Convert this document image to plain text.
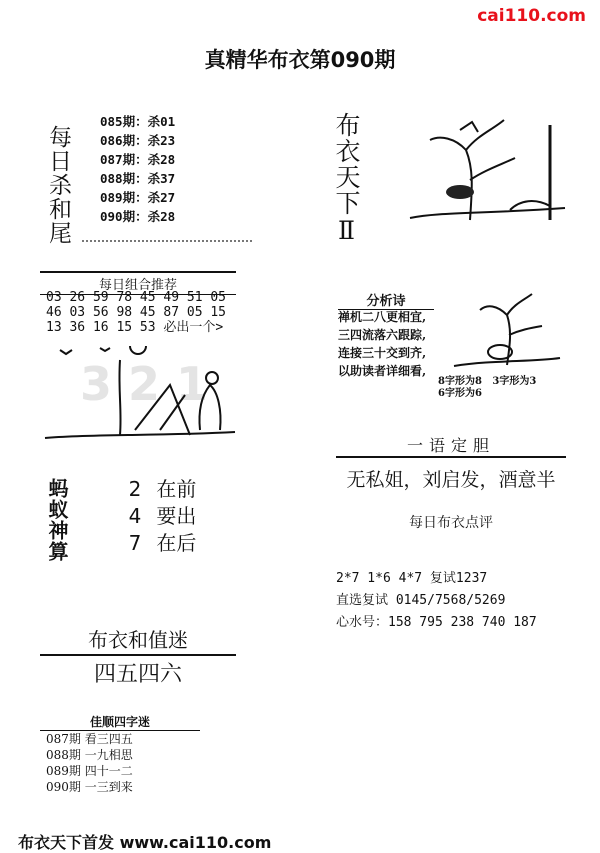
cai110.com
真精华布衣第090期
每日杀和尾
085期：杀01
086期：杀23
087期：杀28
088期：杀37
089期：杀27
090期：杀28	布衣天下Ⅱ
每日组合推荐
03 26 59 78 45 49 51 05
46 03 56 98 45 87 05 15
13 36 16 15 53 必出一个>
3 2 1
分析诗
禅机二八更相宜,
三四流落六跟踪,
连接三十交到齐,
以助读者详细看,
8字形为8 3字形为3
6字形为6
蚂蚁神算	2 在前
4 要出
7 在后
一语定胆
无私姐，刘启发，酒意半
每日布衣点评
2*7 1*6 4*7 复试1237
直选复试 0145/7568/5269
心水号：158 795 238 740 187
布衣和值迷
四五四六
佳顺四字迷
087期 看三四五
088期 一九相思
089期 四十一二
090期 一三到来
布衣天下首发 www.cai110.com
